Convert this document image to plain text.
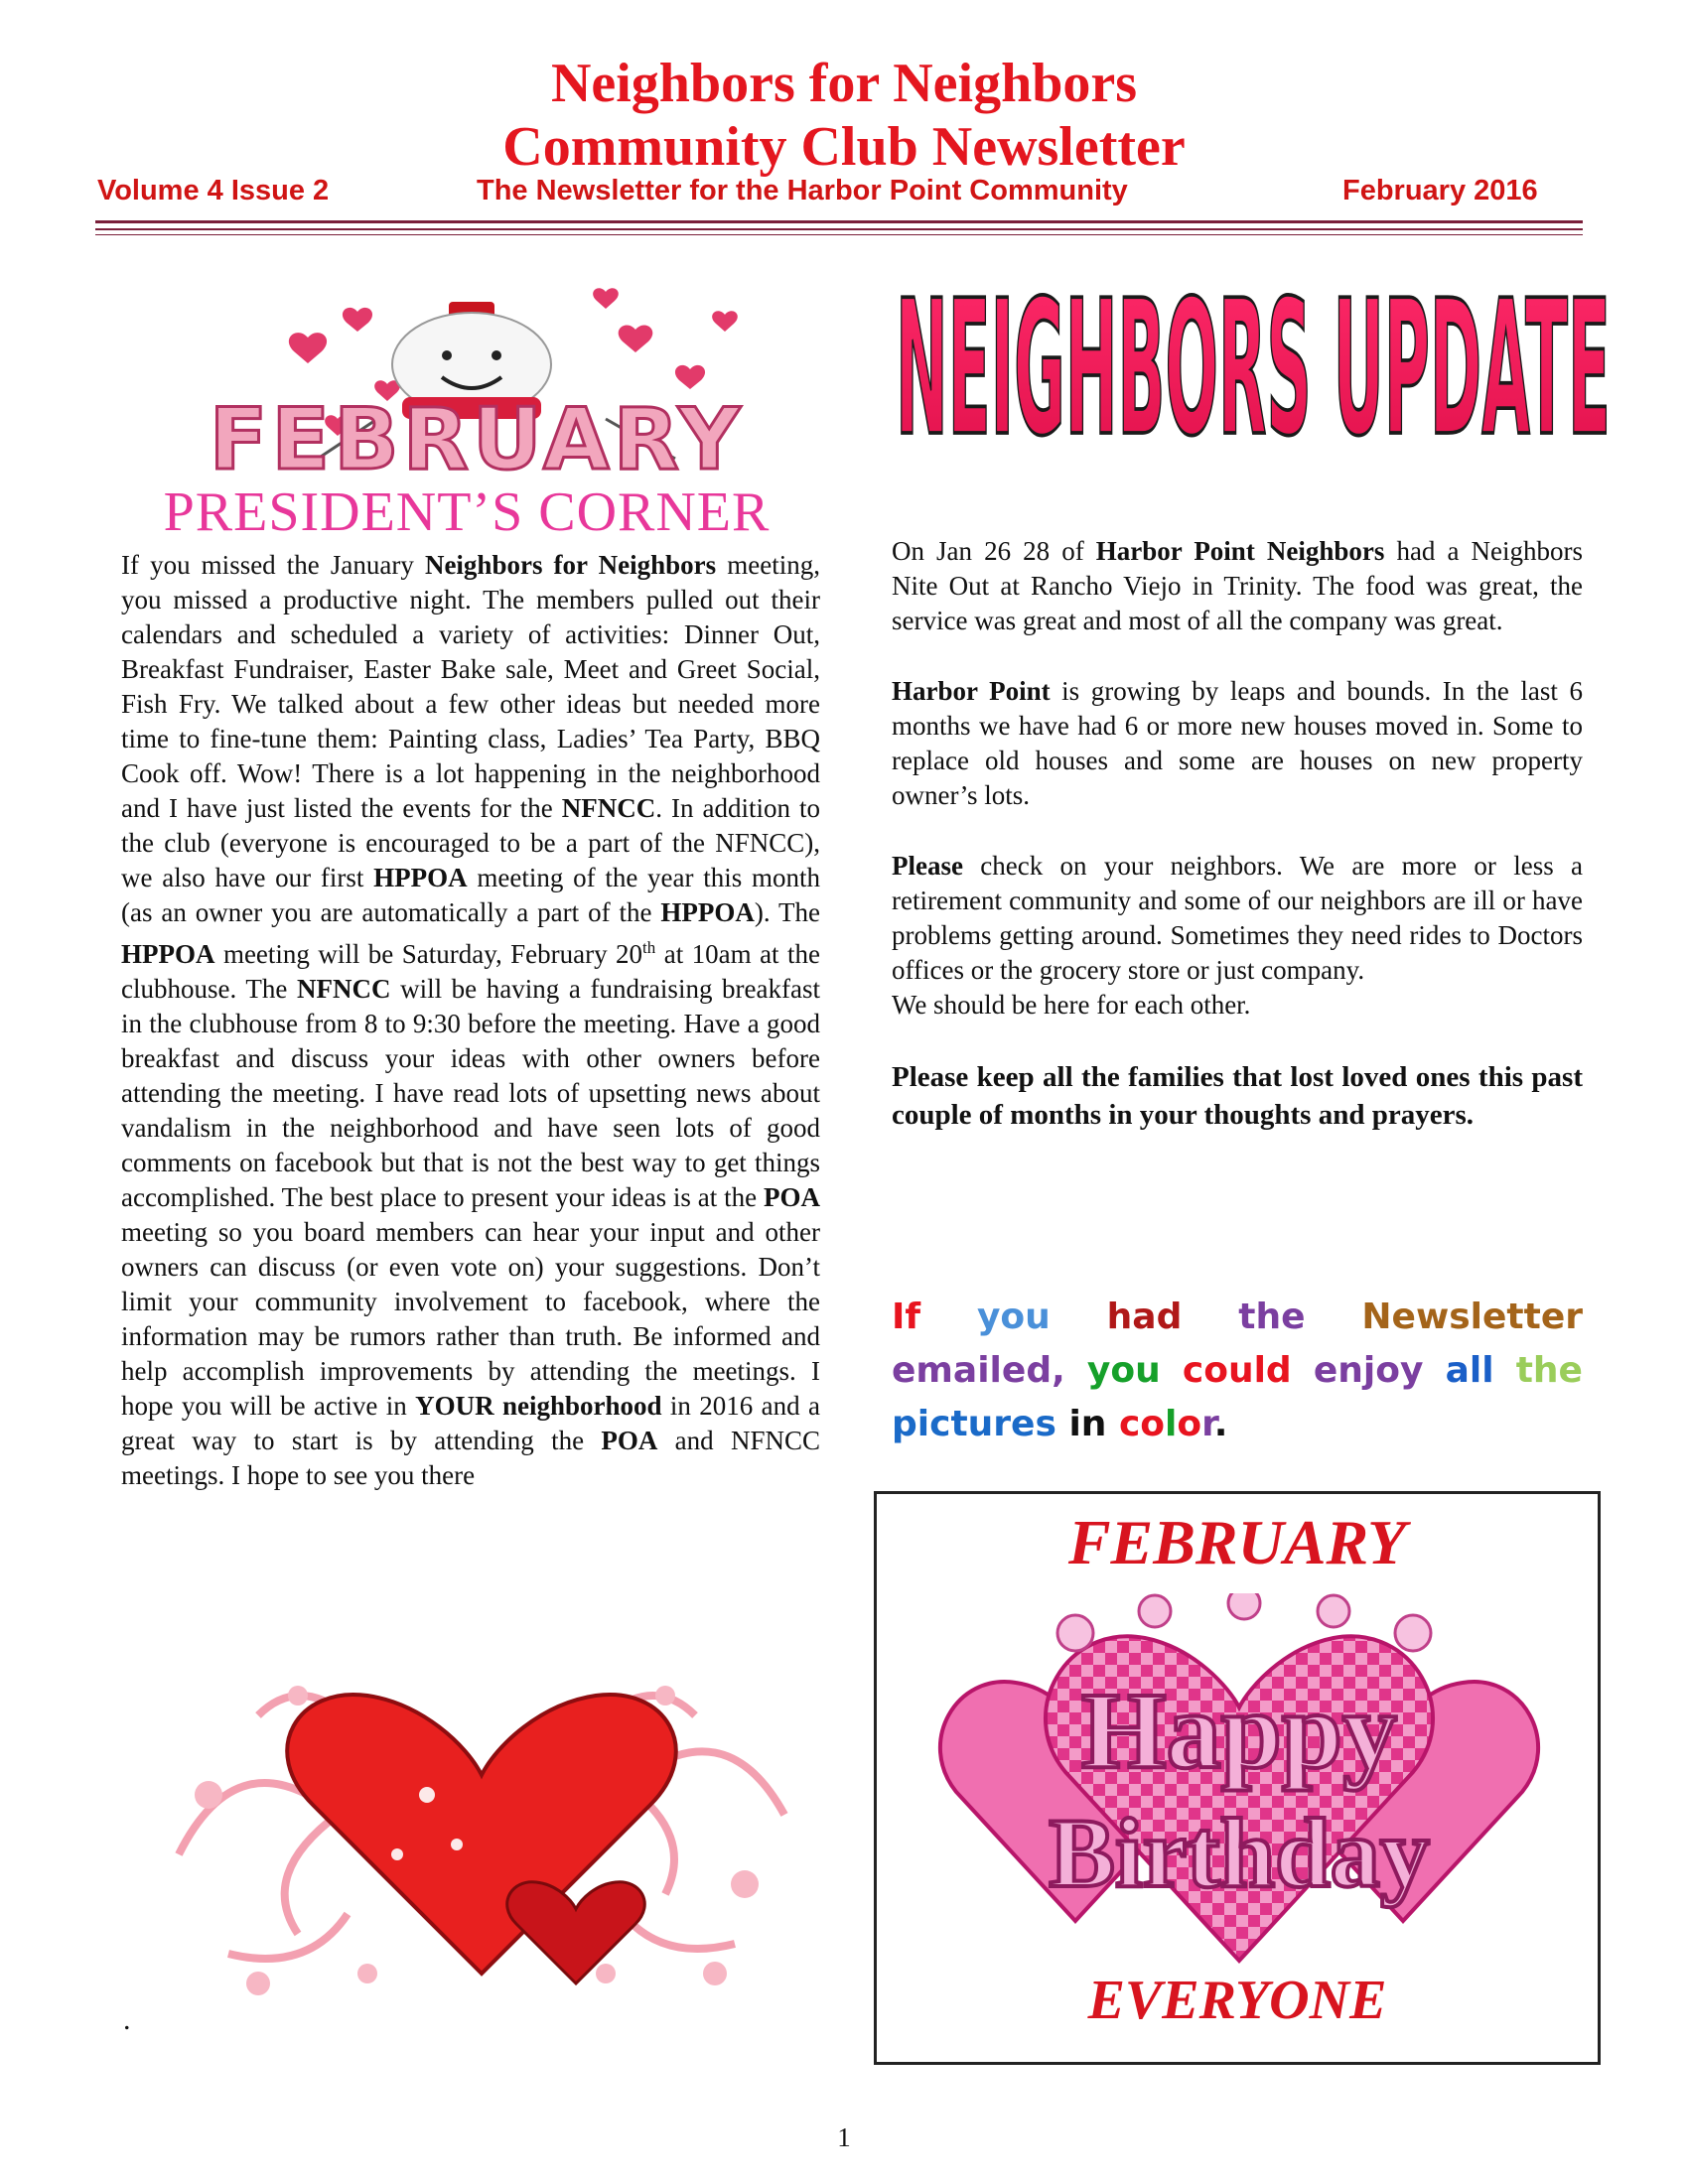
Neighbors for Neighbors
Community Club Newsletter
Volume 4 Issue 2	The Newsletter for the Harbor Point Community	February 2016
FEBRUARY
PRESIDENT’S CORNER
If you missed the January Neighbors for Neighbors meeting, you missed a productive night. The members pulled out their calendars and scheduled a variety of activities: Dinner Out, Breakfast Fundraiser, Easter Bake sale, Meet and Greet Social, Fish Fry. We talked about a few other ideas but needed more time to fine-tune them: Painting class, Ladies’ Tea Party, BBQ Cook off. Wow! There is a lot happening in the neighborhood and I have just listed the events for the NFNCC. In addition to the club (everyone is encouraged to be a part of the NFNCC), we also have our first HPPOA meeting of the year this month (as an owner you are automatically a part of the HPPOA). The HPPOA meeting will be Saturday, February 20th at 10am at the clubhouse. The NFNCC will be having a fundraising breakfast in the clubhouse from 8 to 9:30 before the meeting. Have a good breakfast and discuss your ideas with other owners before attending the meeting. I have read lots of upsetting news about vandalism in the neighborhood and have seen lots of good comments on facebook but that is not the best way to get things accomplished. The best place to present your ideas is at the POA meeting so you board members can hear your input and other owners can discuss (or even vote on) your suggestions. Don’t limit your community involvement to facebook, where the information may be rumors rather than truth. Be informed and help accomplish improvements by attending the meetings. I hope you will be active in YOUR neighborhood in 2016 and a great way to start is by attending the POA and NFNCC meetings. I hope to see you there
.
NEIGHBORS UPDATE

On Jan 26 28 of Harbor Point Neighbors had a Neighbors Nite Out at Rancho Viejo in Trinity. The food was great, the service was great and most of all the company was great.

Harbor Point is growing by leaps and bounds. In the last 6 months we have had 6 or more new houses moved in. Some to replace old houses and some are houses on new property owner’s lots.

Please check on your neighbors. We are more or less a retirement community and some of our neighbors are ill or have problems getting around. Sometimes they need rides to Doctors offices or the grocery store or just company.

We should be here for each other.

Please keep all the families that lost loved ones this past couple of months in your thoughts and prayers.

If you had the Newsletter emailed, you could enjoy all the pictures in color.
FEBRUARY
Happy
Birthday
EVERYONE
1
